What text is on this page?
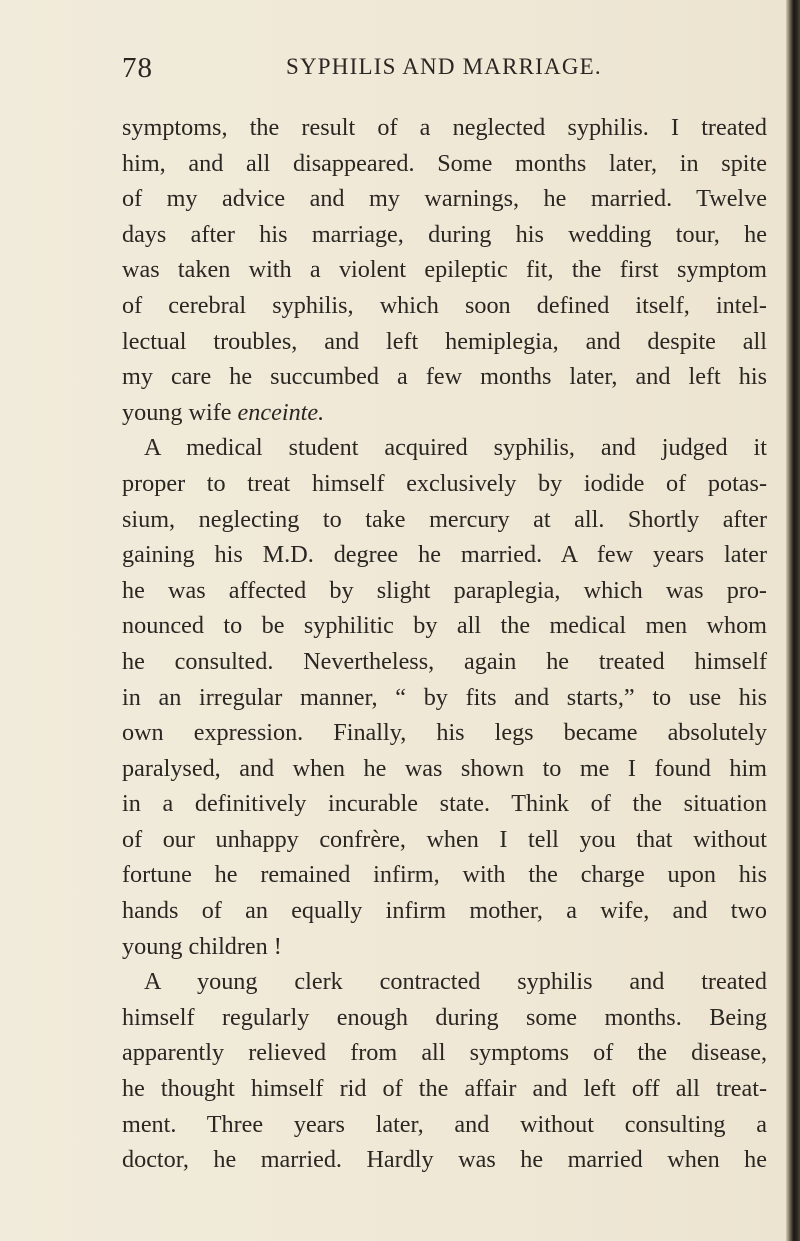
78	SYPHILIS AND MARRIAGE.
symptoms, the result of a neglected syphilis. I treated
him, and all disappeared. Some months later, in spite
of my advice and my warnings, he married. Twelve
days after his marriage, during his wedding tour, he
was taken with a violent epileptic fit, the first symptom
of cerebral syphilis, which soon defined itself, intel-
lectual troubles, and left hemiplegia, and despite all
my care he succumbed a few months later, and left his
young wife enceinte.
A medical student acquired syphilis, and judged it
proper to treat himself exclusively by iodide of potas-
sium, neglecting to take mercury at all. Shortly after
gaining his M.D. degree he married. A few years later
he was affected by slight paraplegia, which was pro-
nounced to be syphilitic by all the medical men whom
he consulted. Nevertheless, again he treated himself
in an irregular manner, “ by fits and starts,” to use his
own expression. Finally, his legs became absolutely
paralysed, and when he was shown to me I found him
in a definitively incurable state. Think of the situation
of our unhappy confrère, when I tell you that without
fortune he remained infirm, with the charge upon his
hands of an equally infirm mother, a wife, and two
young children !
A young clerk contracted syphilis and treated
himself regularly enough during some months. Being
apparently relieved from all symptoms of the disease,
he thought himself rid of the affair and left off all treat-
ment. Three years later, and without consulting a
doctor, he married. Hardly was he married when he
